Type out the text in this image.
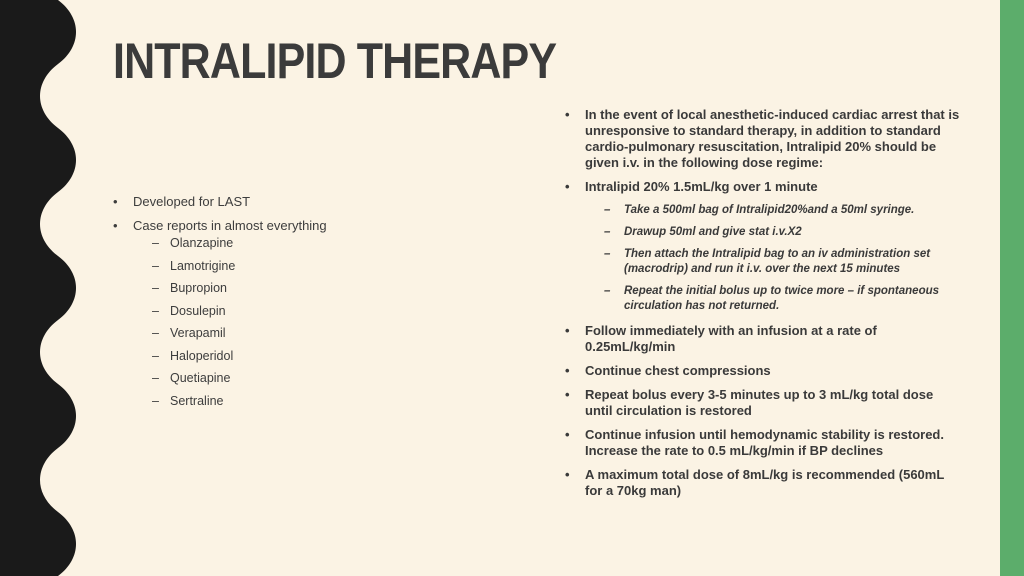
INTRALIPID THERAPY
• Developed for LAST
• Case reports in almost everything
– Olanzapine
– Lamotrigine
– Bupropion
– Dosulepin
– Verapamil
– Haloperidol
– Quetiapine
– Sertraline
• In the event of local anesthetic-induced cardiac arrest that is unresponsive to standard therapy, in addition to standard cardio-pulmonary resuscitation, Intralipid 20% should be given i.v. in the following dose regime:
• Intralipid 20% 1.5mL/kg over 1 minute
– Take a 500ml bag of Intralipid20%and a 50ml syringe.
– Drawup 50ml and give stat i.v.X2
– Then attach the Intralipid bag to an iv administration set (macrodrip) and run it i.v. over the next 15 minutes
– Repeat the initial bolus up to twice more – if spontaneous circulation has not returned.
• Follow immediately with an infusion at a rate of 0.25mL/kg/min
• Continue chest compressions
• Repeat bolus every 3-5 minutes up to 3 mL/kg total dose until circulation is restored
• Continue infusion until hemodynamic stability is restored. Increase the rate to 0.5 mL/kg/min if BP declines
• A maximum total dose of 8mL/kg is recommended (560mL for a 70kg man)
